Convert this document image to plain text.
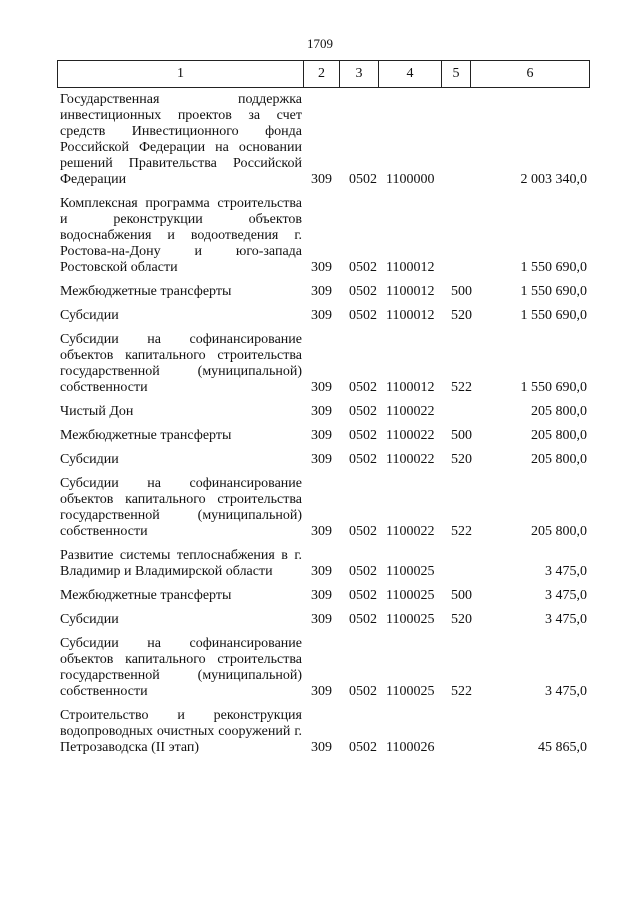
1709
1	2	3	4	5	6
Государственная поддержка инвестиционных проектов за счет средств Инвестиционного фонда Российской Федерации на основании решений Правительства Российской Федерации	309 0502 1100000	2 003 340,0
Комплексная программа строительства и реконструкции объектов водоснабжения и водоотведения г. Ростова-на-Дону и юго-запада Ростовской области	309 0502 1100012	1 550 690,0
Межбюджетные трансферты	309 0502 1100012 500	1 550 690,0
Субсидии	309 0502 1100012 520	1 550 690,0
Субсидии на софинансирование объектов капитального строительства государственной (муниципальной) собственности	309 0502 1100012 522	1 550 690,0
Чистый Дон	309 0502 1100022	205 800,0
Межбюджетные трансферты	309 0502 1100022 500	205 800,0
Субсидии	309 0502 1100022 520	205 800,0
Субсидии на софинансирование объектов капитального строительства государственной (муниципальной) собственности	309 0502 1100022 522	205 800,0
Развитие системы теплоснабжения в г. Владимир и Владимирской области	309 0502 1100025	3 475,0
Межбюджетные трансферты	309 0502 1100025 500	3 475,0
Субсидии	309 0502 1100025 520	3 475,0
Субсидии на софинансирование объектов капитального строительства государственной (муниципальной) собственности	309 0502 1100025 522	3 475,0
Строительство и реконструкция водопроводных очистных сооружений г. Петрозаводска (II этап)	309 0502 1100026	45 865,0
